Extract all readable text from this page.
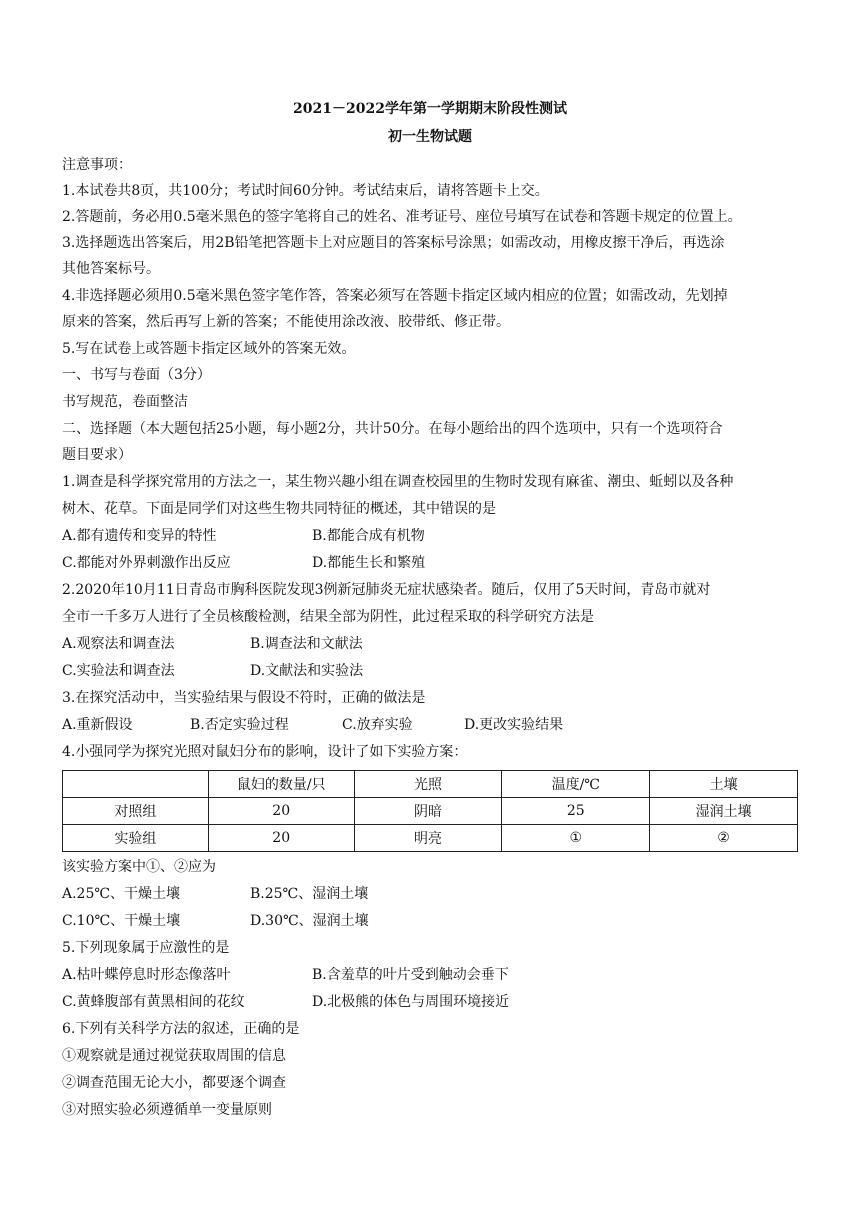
2021－2022学年第一学期期末阶段性测试
初一生物试题
注意事项：
1.本试卷共8页，共100分；考试时间60分钟。考试结束后，请将答题卡上交。
2.答题前，务必用0.5毫米黑色的签字笔将自己的姓名、准考证号、座位号填写在试卷和答题卡规定的位置上。
3.选择题选出答案后，用2B铅笔把答题卡上对应题目的答案标号涂黑；如需改动，用橡皮擦干净后，再选涂
其他答案标号。
4.非选择题必须用0.5毫米黑色签字笔作答，答案必须写在答题卡指定区域内相应的位置；如需改动，先划掉
原来的答案，然后再写上新的答案；不能使用涂改液、胶带纸、修正带。
5.写在试卷上或答题卡指定区域外的答案无效。
一、书写与卷面（3分）
书写规范，卷面整洁
二、选择题（本大题包括25小题，每小题2分，共计50分。在每小题给出的四个选项中，只有一个选项符合
题目要求）
1.调查是科学探究常用的方法之一，某生物兴趣小组在调查校园里的生物时发现有麻雀、潮虫、蚯蚓以及各种
树木、花草。下面是同学们对这些生物共同特征的概述，其中错误的是
A.都有遗传和变异的特性	B.都能合成有机物
C.都能对外界刺激作出反应	D.都能生长和繁殖
2.2020年10月11日青岛市胸科医院发现3例新冠肺炎无症状感染者。随后，仅用了5天时间，青岛市就对
全市一千多万人进行了全员核酸检测，结果全部为阴性，此过程采取的科学研究方法是
A.观察法和调查法	B.调查法和文献法
C.实验法和调查法	D.文献法和实验法
3.在探究活动中，当实验结果与假设不符时，正确的做法是
A.重新假设	B.否定实验过程	C.放弃实验	D.更改实验结果
4.小强同学为探究光照对鼠妇分布的影响，设计了如下实验方案：
	鼠妇的数量/只	光照	温度/℃	土壤
对照组	20	阴暗	25	湿润土壤
实验组	20	明亮	①	②
该实验方案中①、②应为
A.25℃、干燥土壤	B.25℃、湿润土壤
C.10℃、干燥土壤	D.30℃、湿润土壤
5.下列现象属于应激性的是
A.枯叶蝶停息时形态像落叶	B.含羞草的叶片受到触动会垂下
C.黄蜂腹部有黄黑相间的花纹	D.北极熊的体色与周围环境接近
6.下列有关科学方法的叙述，正确的是
①观察就是通过视觉获取周围的信息
②调查范围无论大小，都要逐个调查
③对照实验必须遵循单一变量原则
